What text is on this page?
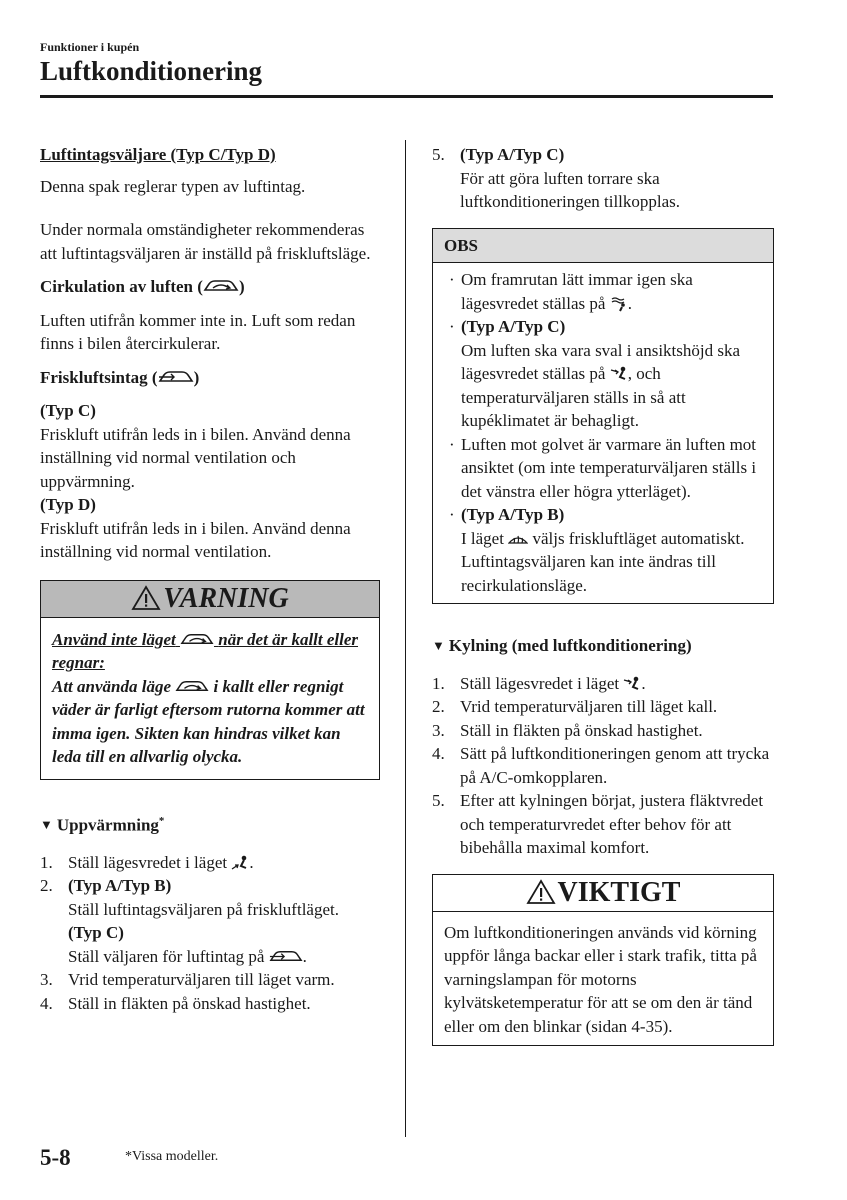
Funktioner i kupén
Luftkonditionering

Luftintagsväljare (Typ C/Typ D)

Denna spak reglerar typen av luftintag.

Under normala omständigheter rekommenderas att luftintagsväljaren är inställd på friskluftsläge.

Cirkulation av luften ( )

Luften utifrån kommer inte in. Luft som redan finns i bilen återcirkulerar.

Friskluftsintag ( )

(Typ C)

Friskluft utifrån leds in i bilen. Använd denna inställning vid normal ventilation och uppvärmning.

(Typ D)

Friskluft utifrån leds in i bilen. Använd denna inställning vid normal ventilation.

VARNING

Använd inte läget	när det är kallt eller regnar:

Att använda läge	i kallt eller regnigt väder är farligt eftersom rutorna kommer att imma igen. Sikten kan hindras vilket kan leda till en allvarlig olycka.

▼ Uppvärmning*

1. Ställ lägesvredet i läget .
2. (Typ A/Typ B)
Ställ luftintagsväljaren på friskluftläget.
(Typ C)
Ställ väljaren för luftintag på .
3. Vrid temperaturväljaren till läget varm.
4. Ställ in fläkten på önskad hastighet.
5. (Typ A/Typ C)
För att göra luften torrare ska luftkonditioneringen tillkopplas.
OBS
· Om framrutan lätt immar igen ska lägesvredet ställas på .
· (Typ A/Typ C)
Om luften ska vara sval i ansiktshöjd ska lägesvredet ställas på , och temperaturväljaren ställs in så att kupéklimatet är behagligt.
· Luften mot golvet är varmare än luften mot ansiktet (om inte temperaturväljaren ställs i det vänstra eller högra ytterläget).
· (Typ A/Typ B)
I läget väljs friskluftläget automatiskt. Luftintagsväljaren kan inte ändras till recirkulationsläge.

▼ Kylning (med luftkonditionering)

1. Ställ lägesvredet i läget .
2. Vrid temperaturväljaren till läget kall.
3. Ställ in fläkten på önskad hastighet.
4. Sätt på luftkonditioneringen genom att trycka på A/C-omkopplaren.
5. Efter att kylningen börjat, justera fläktvredet och temperaturvredet efter behov för att bibehålla maximal komfort.
VIKTIGT
Om luftkonditioneringen används vid körning uppför långa backar eller i stark trafik, titta på varningslampan för motorns kylvätsketemperatur för att se om den är tänd eller om den blinkar (sidan 4-35).
5-8	*Vissa modeller.
